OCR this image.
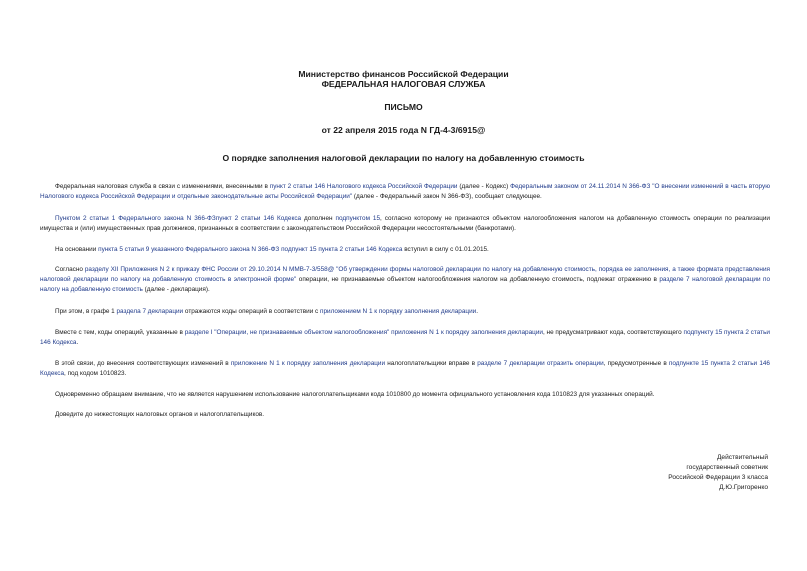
Министерство финансов Российской Федерации
ФЕДЕРАЛЬНАЯ НАЛОГОВАЯ СЛУЖБА
ПИСЬМО
от 22 апреля 2015 года N ГД-4-3/6915@
О порядке заполнения налоговой декларации по налогу на добавленную стоимость
Федеральная налоговая служба в связи с изменениями, внесенными в пункт 2 статьи 146 Налогового кодекса Российской Федерации (далее - Кодекс) Федеральным законом от 24.11.2014 N 366-ФЗ "О внесении изменений в часть вторую Налогового кодекса Российской Федерации и отдельные законодательные акты Российской Федерации" (далее - Федеральный закон N 366-ФЗ), сообщает следующее.
Пунктом 2 статьи 1 Федерального закона N 366-ФЗпункт 2 статьи 146 Кодекса дополнен подпунктом 15, согласно которому не признаются объектом налогообложения налогом на добавленную стоимость операции по реализации имущества и (или) имущественных прав должников, признанных в соответствии с законодательством Российской Федерации несостоятельными (банкротами).
На основании пункта 5 статьи 9 указанного Федерального закона N 366-ФЗ подпункт 15 пункта 2 статьи 146 Кодекса вступил в силу с 01.01.2015.
Согласно разделу XII Приложения N 2 к приказу ФНС России от 29.10.2014 N ММВ-7-3/558@ "Об утверждении формы налоговой декларации по налогу на добавленную стоимость, порядка ее заполнения, а также формата представления налоговой декларации по налогу на добавленную стоимость в электронной форме" операции, не признаваемые объектом налогообложения налогом на добавленную стоимость, подлежат отражению в разделе 7 налоговой декларации по налогу на добавленную стоимость (далее - декларация).
При этом, в графе 1 раздела 7 декларации отражаются коды операций в соответствии с приложением N 1 к порядку заполнения декларации.
Вместе с тем, коды операций, указанные в разделе I "Операции, не признаваемые объектом налогообложения" приложения N 1 к порядку заполнения декларации, не предусматривают кода, соответствующего подпункту 15 пункта 2 статьи 146 Кодекса.
В этой связи, до внесения соответствующих изменений в приложение N 1 к порядку заполнения декларации налогоплательщики вправе в разделе 7 декларации отразить операции, предусмотренные в подпункте 15 пункта 2 статьи 146 Кодекса, под кодом 1010823.
Одновременно обращаем внимание, что не является нарушением использование налогоплательщиками кода 1010800 до момента официального установления кода 1010823 для указанных операций.
Доведите до нижестоящих налоговых органов и налогоплательщиков.
Действительный
государственный советник
Российской Федерации 3 класса
Д.Ю.Григоренко
